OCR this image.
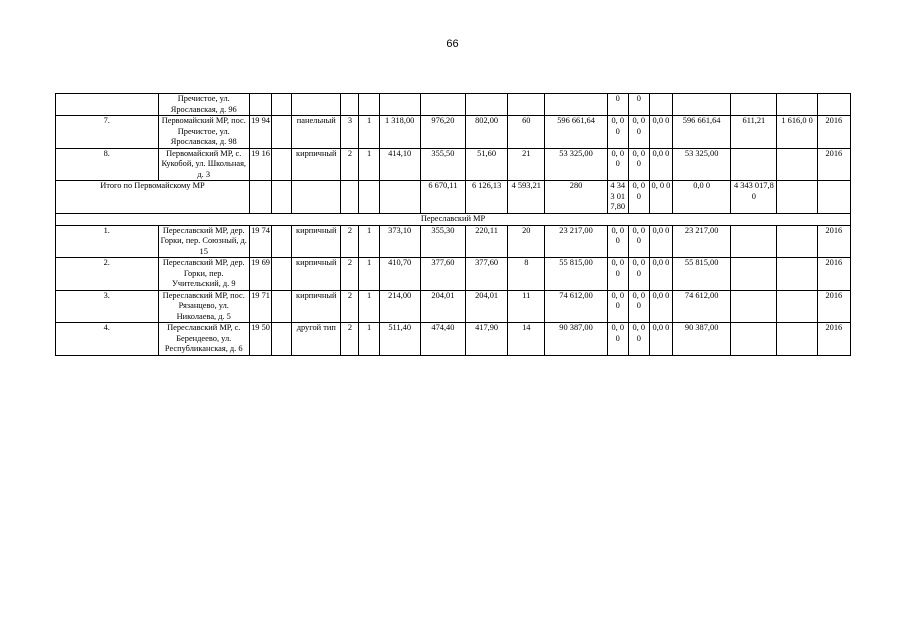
66
	Пречистое, ул. Ярославская, д. 96											0	0					
7.	Первомайский МР, пос. Пречистое, ул. Ярославская, д. 98	19 94		панельный	3	1	1 318,00	976,20	802,00	60	596 661,64	0, 0 0	0, 0 0	0,0 0	596 661,64	611,21	1 616,0 0	2016
8.	Первомайский МР, с. Кукобой, ул. Школьная, д. 3	19 16		кирпичный	2	1	414,10	355,50	51,60	21	53 325,00	0, 0 0	0, 0 0	0,0 0	53 325,00			2016
Итого по Первомайскому МР								6 670,11	6 126,13	4 593,21	280	4 343 017,80	0, 0 0	0, 0 0	0,0 0	4 343 017,80		
Переславский МР																		
1.	Переславский МР, дер. Горки, пер. Союзный, д. 15	19 74		кирпичный	2	1	373,10	355,30	220,11	20	23 217,00	0, 0 0	0, 0 0	0,0 0	23 217,00			2016
2.	Переславский МР, дер. Горки, пер. Учительский, д. 9	19 69		кирпичный	2	1	410,70	377,60	377,60	8	55 815,00	0, 0 0	0, 0 0	0,0 0	55 815,00			2016
3.	Переславский МР, пос. Рязанцево, ул. Николаева, д. 5	19 71		кирпичный	2	1	214,00	204,01	204,01	11	74 612,00	0, 0 0	0, 0 0	0,0 0	74 612,00			2016
4.	Переславский МР, с. Берендеево, ул. Республиканская, д. 6	19 50		другой тип	2	1	511,40	474,40	417,90	14	90 387,00	0, 0 0	0, 0 0	0,0 0	90 387,00			2016
